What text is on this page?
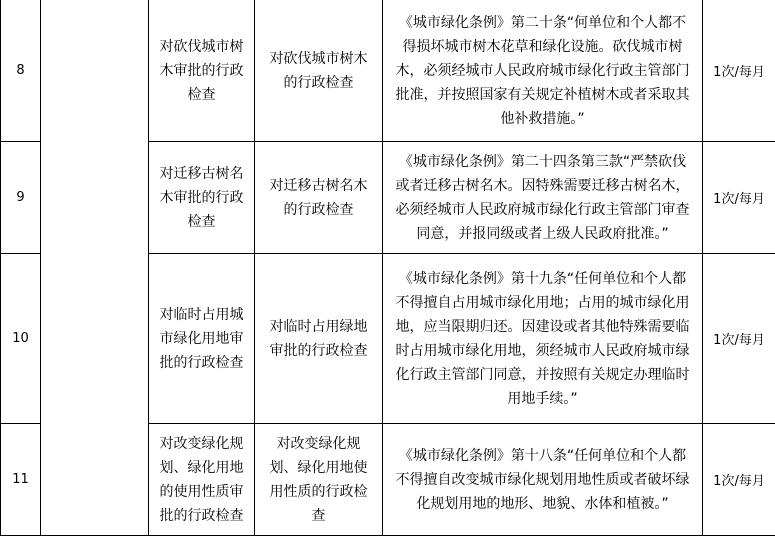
8		对砍伐城市树木审批的行政检查	对砍伐城市树木的行政检查	《城市绿化条例》第二十条“何单位和个人都不得损坏城市树木花草和绿化设施。砍伐城市树木，必须经城市人民政府城市绿化行政主管部门批准，并按照国家有关规定补植树木或者采取其他补救措施。”	1次/每月
9		对迁移古树名木审批的行政检查	对迁移古树名木的行政检查	《城市绿化条例》第二十四条第三款“严禁砍伐或者迁移古树名木。因特殊需要迁移古树名木，必须经城市人民政府城市绿化行政主管部门审查同意，并报同级或者上级人民政府批准。”	1次/每月
10		对临时占用城市绿化用地审批的行政检查	对临时占用绿地审批的行政检查	《城市绿化条例》第十九条“任何单位和个人都不得擅自占用城市绿化用地；占用的城市绿化用地，应当限期归还。因建设或者其他特殊需要临时占用城市绿化用地，须经城市人民政府城市绿化行政主管部门同意，并按照有关规定办理临时用地手续。”	1次/每月
11		对改变绿化规划、绿化用地的使用性质审批的行政检查	对改变绿化规划、绿化用地使用性质的行政检查	《城市绿化条例》第十八条“任何单位和个人都不得擅自改变城市绿化规划用地性质或者破坏绿化规划用地的地形、地貌、水体和植被。”	1次/每月
